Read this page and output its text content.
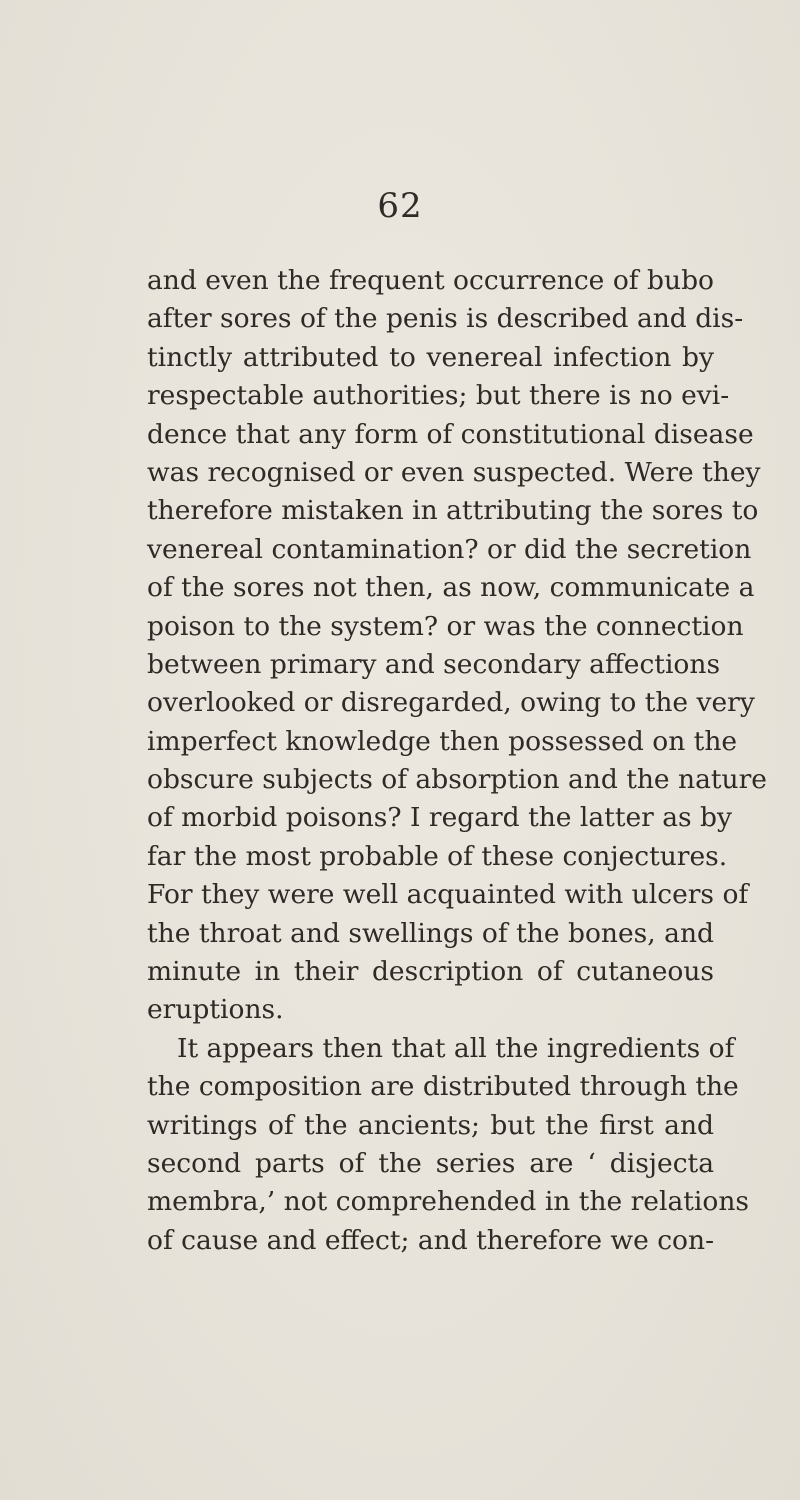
62
and even the frequent occurrence of bubo
after sores of the penis is described and dis-
tinctly attributed to venereal infection by
respectable authorities; but there is no evi-
dence that any form of constitutional disease
was recognised or even suspected. Were they
therefore mistaken in attributing the sores to
venereal contamination? or did the secretion
of the sores not then, as now, communicate a
poison to the system? or was the connection
between primary and secondary affections
overlooked or disregarded, owing to the very
imperfect knowledge then possessed on the
obscure subjects of absorption and the nature
of morbid poisons? I regard the latter as by
far the most probable of these conjectures.
For they were well acquainted with ulcers of
the throat and swellings of the bones, and
minute in their description of cutaneous
eruptions.
It appears then that all the ingredients of
the composition are distributed through the
writings of the ancients; but the first and
second parts of the series are ‘ disjecta
membra,’ not comprehended in the relations
of cause and effect; and therefore we con-
